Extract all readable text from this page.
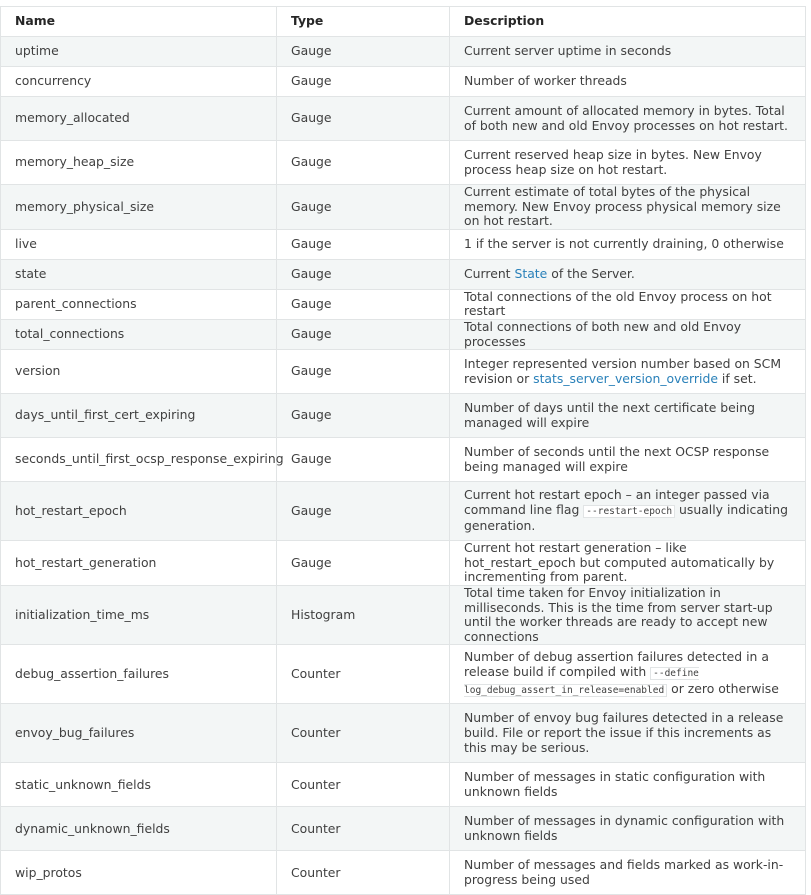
Name	Type	Description
uptime	Gauge	Current server uptime in seconds
concurrency	Gauge	Number of worker threads
memory_allocated	Gauge	Current amount of allocated memory in bytes. Total of both new and old Envoy processes on hot restart.
memory_heap_size	Gauge	Current reserved heap size in bytes. New Envoy process heap size on hot restart.
memory_physical_size	Gauge	Current estimate of total bytes of the physical memory. New Envoy process physical memory size on hot restart.
live	Gauge	1 if the server is not currently draining, 0 otherwise
state	Gauge	Current State of the Server.
parent_connections	Gauge	Total connections of the old Envoy process on hot restart
total_connections	Gauge	Total connections of both new and old Envoy processes
version	Gauge	Integer represented version number based on SCM revision or stats_server_version_override if set.
days_until_first_cert_expiring	Gauge	Number of days until the next certificate being managed will expire
seconds_until_first_ocsp_response_expiring	Gauge	Number of seconds until the next OCSP response being managed will expire
hot_restart_epoch	Gauge	Current hot restart epoch – an integer passed via command line flag --restart-epoch usually indicating generation.
hot_restart_generation	Gauge	Current hot restart generation – like hot_restart_epoch but computed automatically by incrementing from parent.
initialization_time_ms	Histogram	Total time taken for Envoy initialization in milliseconds. This is the time from server start-up until the worker threads are ready to accept new connections
debug_assertion_failures	Counter	Number of debug assertion failures detected in a release build if compiled with --define log_debug_assert_in_release=enabled or zero otherwise
envoy_bug_failures	Counter	Number of envoy bug failures detected in a release build. File or report the issue if this increments as this may be serious.
static_unknown_fields	Counter	Number of messages in static configuration with unknown fields
dynamic_unknown_fields	Counter	Number of messages in dynamic configuration with unknown fields
wip_protos	Counter	Number of messages and fields marked as work-in-progress being used
